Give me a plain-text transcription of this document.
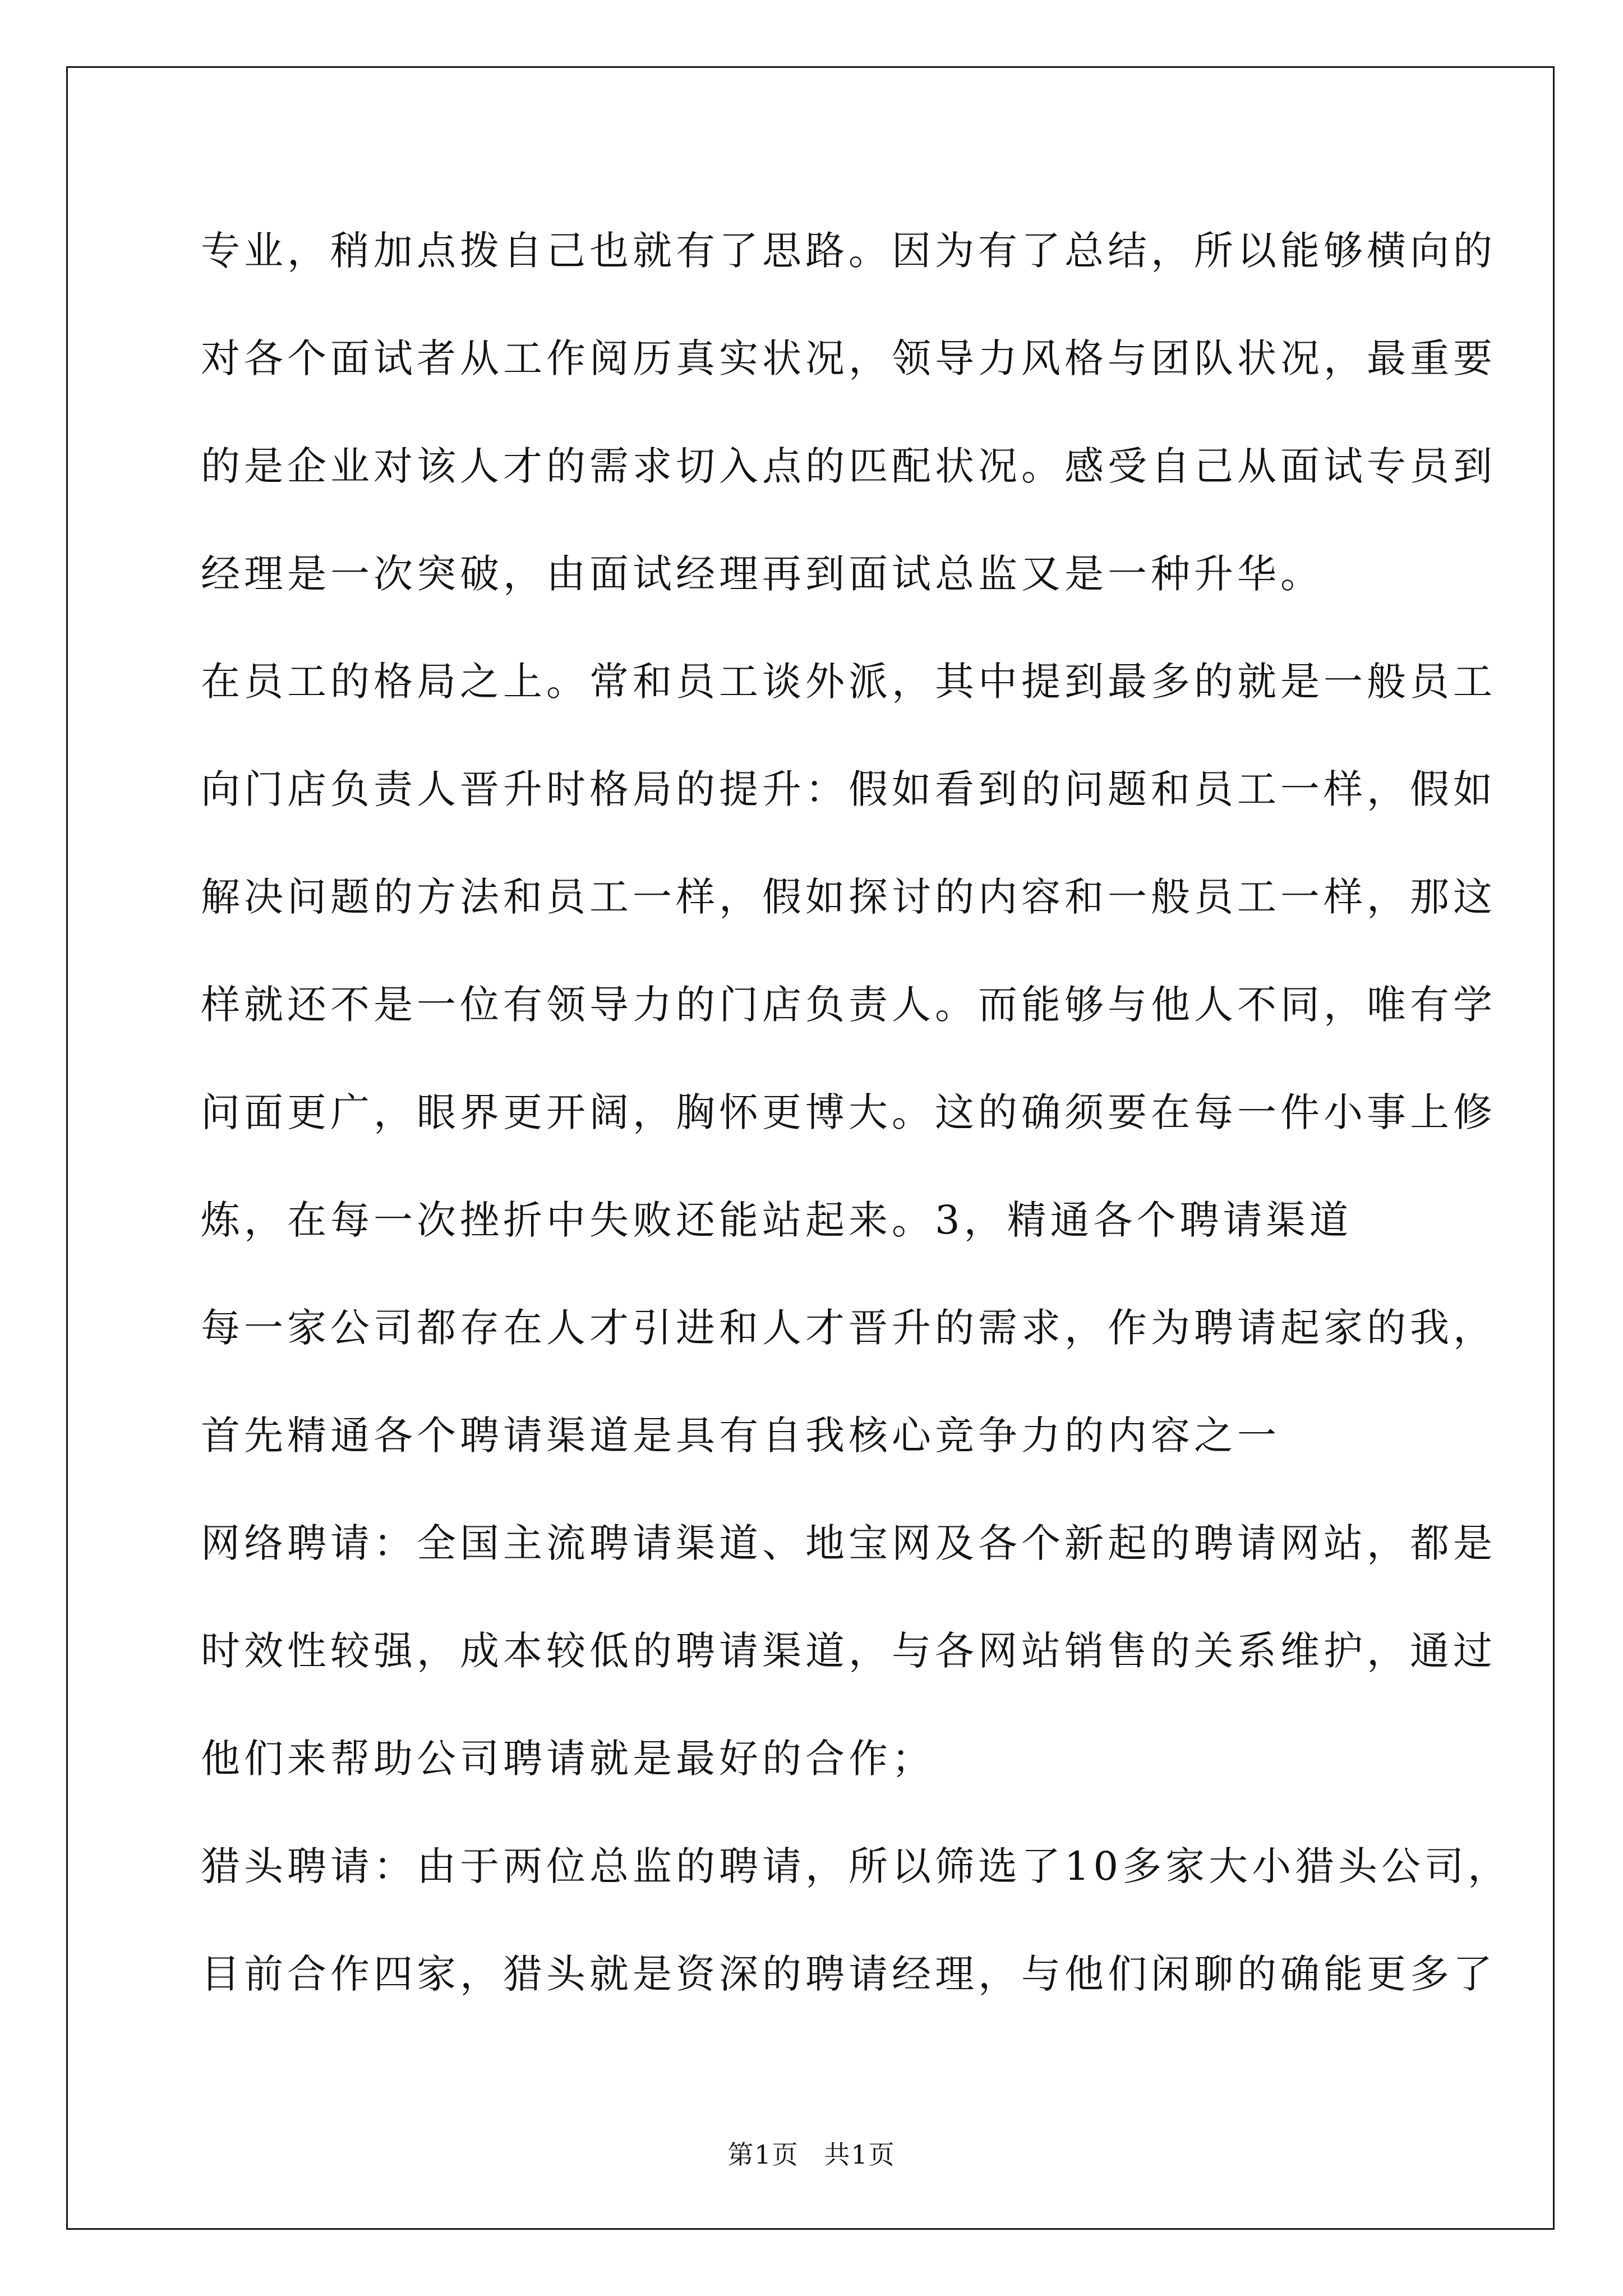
专业，稍加点拨自己也就有了思路。因为有了总结，所以能够横向的
对各个面试者从工作阅历真实状况，领导力风格与团队状况，最重要
的是企业对该人才的需求切入点的匹配状况。感受自己从面试专员到
经理是一次突破，由面试经理再到面试总监又是一种升华。
在员工的格局之上。常和员工谈外派，其中提到最多的就是一般员工
向门店负责人晋升时格局的提升：假如看到的问题和员工一样，假如
解决问题的方法和员工一样，假如探讨的内容和一般员工一样，那这
样就还不是一位有领导力的门店负责人。而能够与他人不同，唯有学
问面更广，眼界更开阔，胸怀更博大。这的确须要在每一件小事上修
炼，在每一次挫折中失败还能站起来。3，精通各个聘请渠道
每一家公司都存在人才引进和人才晋升的需求，作为聘请起家的我，
首先精通各个聘请渠道是具有自我核心竞争力的内容之一
网络聘请：全国主流聘请渠道、地宝网及各个新起的聘请网站，都是
时效性较强，成本较低的聘请渠道，与各网站销售的关系维护，通过
他们来帮助公司聘请就是最好的合作；
猎头聘请：由于两位总监的聘请，所以筛选了10多家大小猎头公司，
目前合作四家，猎头就是资深的聘请经理，与他们闲聊的确能更多了
第1页 共1页
